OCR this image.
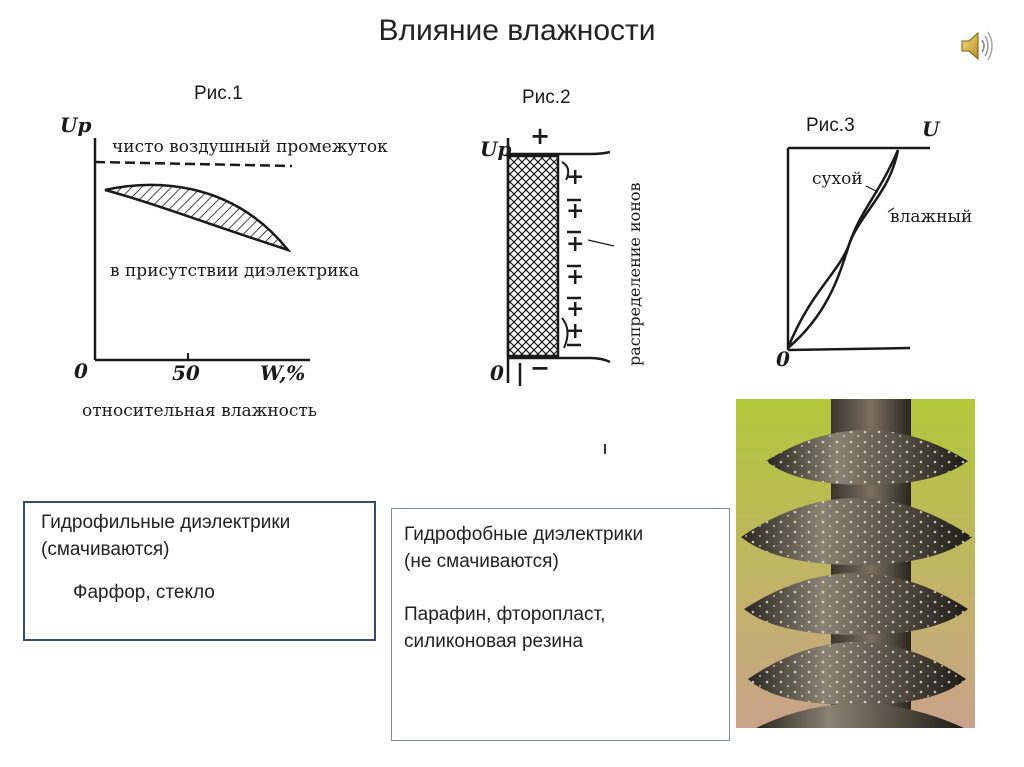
Влияние влажности
Рис.1	Рис.2
Рис.3
Uр
чисто воздушный промежуток
в присутствии диэлектрика
0	50	W,%
относительная влажность
Uр +
0 −
+
+
+
+
+
+	распределение ионов
U
0
сухой
влажный
Гидрофильные диэлектрики
(смачиваются)
Фарфор, стекло
Гидрофобные диэлектрики
(не смачиваются)
Парафин, фторопласт,
силиконовая резина
